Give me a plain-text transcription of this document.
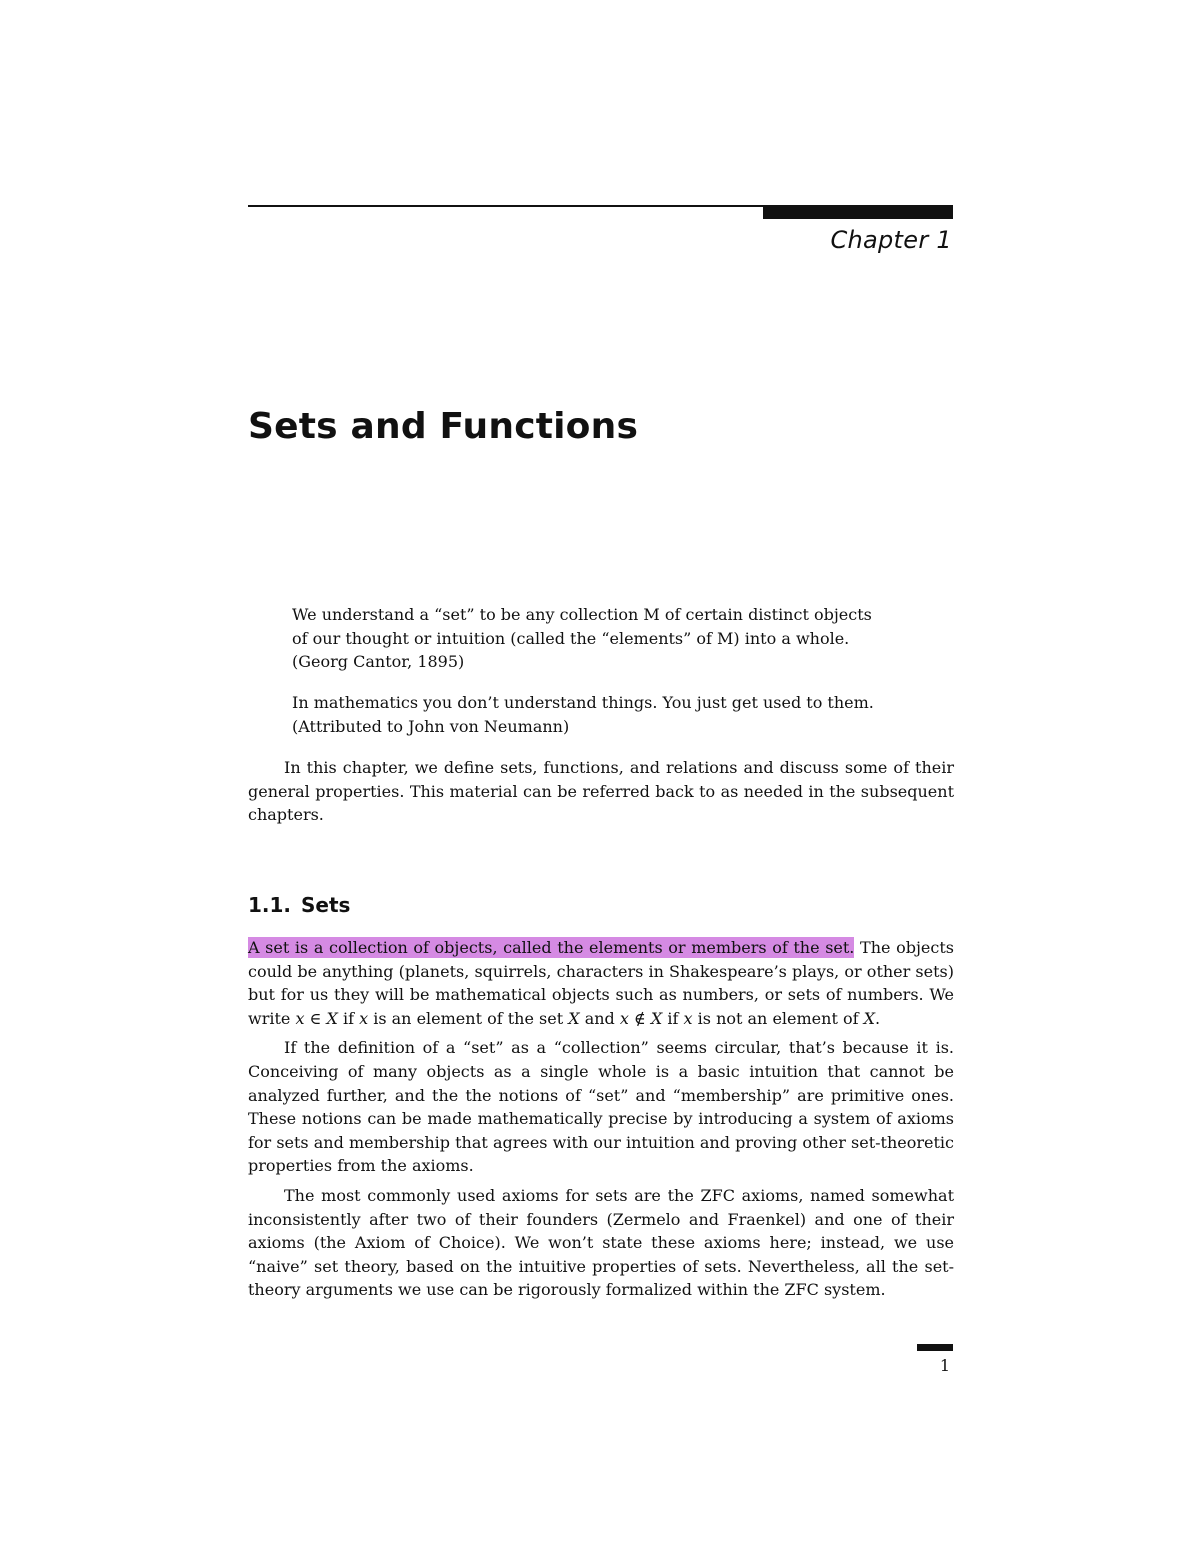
Chapter 1
Sets and Functions

We understand a “set” to be any collection M of certain distinct objects

of our thought or intuition (called the “elements” of M) into a whole.

(Georg Cantor, 1895)

In mathematics you don’t understand things. You just get used to them.

(Attributed to John von Neumann)

In this chapter, we define sets, functions, and relations and discuss some of their general properties. This material can be referred back to as needed in the subsequent chapters.

1.1. Sets

A set is a collection of objects, called the elements or members of the set. The objects could be anything (planets, squirrels, characters in Shakespeare’s plays, or other sets) but for us they will be mathematical objects such as numbers, or sets of numbers. We write x ∈ X if x is an element of the set X and x ∉ X if x is not an element of X.

If the definition of a “set” as a “collection” seems circular, that’s because it is. Conceiving of many objects as a single whole is a basic intuition that cannot be analyzed further, and the the notions of “set” and “membership” are primitive ones. These notions can be made mathematically precise by introducing a system of axioms for sets and membership that agrees with our intuition and proving other set-theoretic properties from the axioms.

The most commonly used axioms for sets are the ZFC axioms, named somewhat inconsistently after two of their founders (Zermelo and Fraenkel) and one of their axioms (the Axiom of Choice). We won’t state these axioms here; instead, we use “naive” set theory, based on the intuitive properties of sets. Nevertheless, all the set-theory arguments we use can be rigorously formalized within the ZFC system.

1
